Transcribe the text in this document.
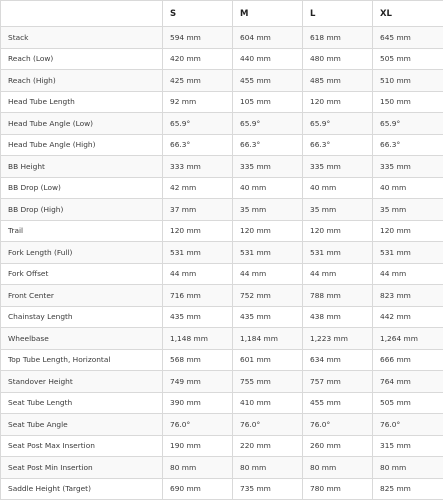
	S	M	L	XL
Stack	594 mm	604 mm	618 mm	645 mm
Reach (Low)	420 mm	440 mm	480 mm	505 mm
Reach (High)	425 mm	455 mm	485 mm	510 mm
Head Tube Length	92 mm	105 mm	120 mm	150 mm
Head Tube Angle (Low)	65.9°	65.9°	65.9°	65.9°
Head Tube Angle (High)	66.3°	66.3°	66.3°	66.3°
BB Height	333 mm	335 mm	335 mm	335 mm
BB Drop (Low)	42 mm	40 mm	40 mm	40 mm
BB Drop (High)	37 mm	35 mm	35 mm	35 mm
Trail	120 mm	120 mm	120 mm	120 mm
Fork Length (Full)	531 mm	531 mm	531 mm	531 mm
Fork Offset	44 mm	44 mm	44 mm	44 mm
Front Center	716 mm	752 mm	788 mm	823 mm
Chainstay Length	435 mm	435 mm	438 mm	442 mm
Wheelbase	1,148 mm	1,184 mm	1,223 mm	1,264 mm
Top Tube Length, Horizontal	568 mm	601 mm	634 mm	666 mm
Standover Height	749 mm	755 mm	757 mm	764 mm
Seat Tube Length	390 mm	410 mm	455 mm	505 mm
Seat Tube Angle	76.0°	76.0°	76.0°	76.0°
Seat Post Max Insertion	190 mm	220 mm	260 mm	315 mm
Seat Post Min Insertion	80 mm	80 mm	80 mm	80 mm
Saddle Height (Target)	690 mm	735 mm	780 mm	825 mm
